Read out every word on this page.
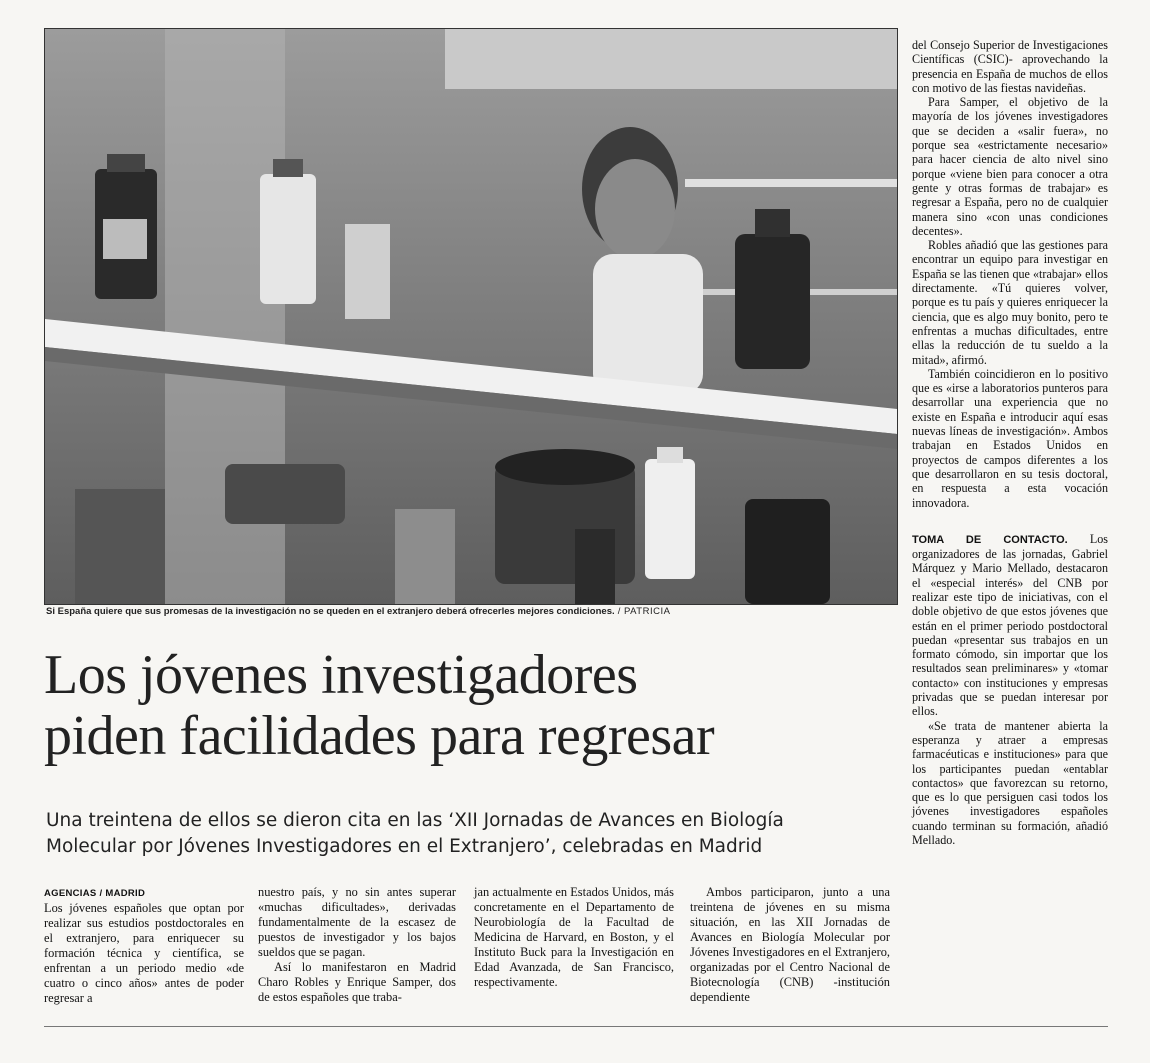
Si España quiere que sus promesas de la investigación no se queden en el extranjero deberá ofrecerles mejores condiciones. / PATRICIA
Los jóvenes investigadores
piden facilidades para regresar
Una treintena de ellos se dieron cita en las ‘XII Jornadas de Avances en Biología
Molecular por Jóvenes Investigadores en el Extranjero’, celebradas en Madrid

AGENCIAS / MADRID

Los jóvenes españoles que optan por realizar sus estudios postdoctorales en el extranjero, para enriquecer su formación técnica y científica, se enfrentan a un periodo medio «de cuatro o cinco años» antes de poder regresar a

nuestro país, y no sin antes superar «muchas dificultades», derivadas fundamentalmente de la escasez de puestos de investigador y los bajos sueldos que se pagan.

Así lo manifestaron en Madrid Charo Robles y Enrique Samper, dos de estos españoles que traba-

jan actualmente en Estados Unidos, más concretamente en el Departamento de Neurobiología de la Facultad de Medicina de Harvard, en Boston, y el Instituto Buck para la Investigación en Edad Avanzada, de San Francisco, respectivamente.

Ambos participaron, junto a una treintena de jóvenes en su misma situación, en las XII Jornadas de Avances en Biología Molecular por Jóvenes Investigadores en el Extranjero, organizadas por el Centro Nacional de Biotecnología (CNB) -institución dependiente

del Consejo Superior de Investigaciones Científicas (CSIC)- aprovechando la presencia en España de muchos de ellos con motivo de las fiestas navideñas.

Para Samper, el objetivo de la mayoría de los jóvenes investigadores que se deciden a «salir fuera», no porque sea «estrictamente necesario» para hacer ciencia de alto nivel sino porque «viene bien para conocer a otra gente y otras formas de trabajar» es regresar a España, pero no de cualquier manera sino «con unas condiciones decentes».

Robles añadió que las gestiones para encontrar un equipo para investigar en España se las tienen que «trabajar» ellos directamente. «Tú quieres volver, porque es tu país y quieres enriquecer la ciencia, que es algo muy bonito, pero te enfrentas a muchas dificultades, entre ellas la reducción de tu sueldo a la mitad», afirmó.

También coincidieron en lo positivo que es «irse a laboratorios punteros para desarrollar una experiencia que no existe en España e introducir aquí esas nuevas líneas de investigación». Ambos trabajan en Estados Unidos en proyectos de campos diferentes a los que desarrollaron en su tesis doctoral, en respuesta a esta vocación innovadora.

TOMA DE CONTACTO. Los organizadores de las jornadas, Gabriel Márquez y Mario Mellado, destacaron el «especial interés» del CNB por realizar este tipo de iniciativas, con el doble objetivo de que estos jóvenes que están en el primer periodo postdoctoral puedan «presentar sus trabajos en un formato cómodo, sin importar que los resultados sean preliminares» y «tomar contacto» con instituciones y empresas privadas que se puedan interesar por ellos.

«Se trata de mantener abierta la esperanza y atraer a empresas farmacéuticas e instituciones» para que los participantes puedan «entablar contactos» que favorezcan su retorno, que es lo que persiguen casi todos los jóvenes investigadores españoles cuando terminan su formación, añadió Mellado.
